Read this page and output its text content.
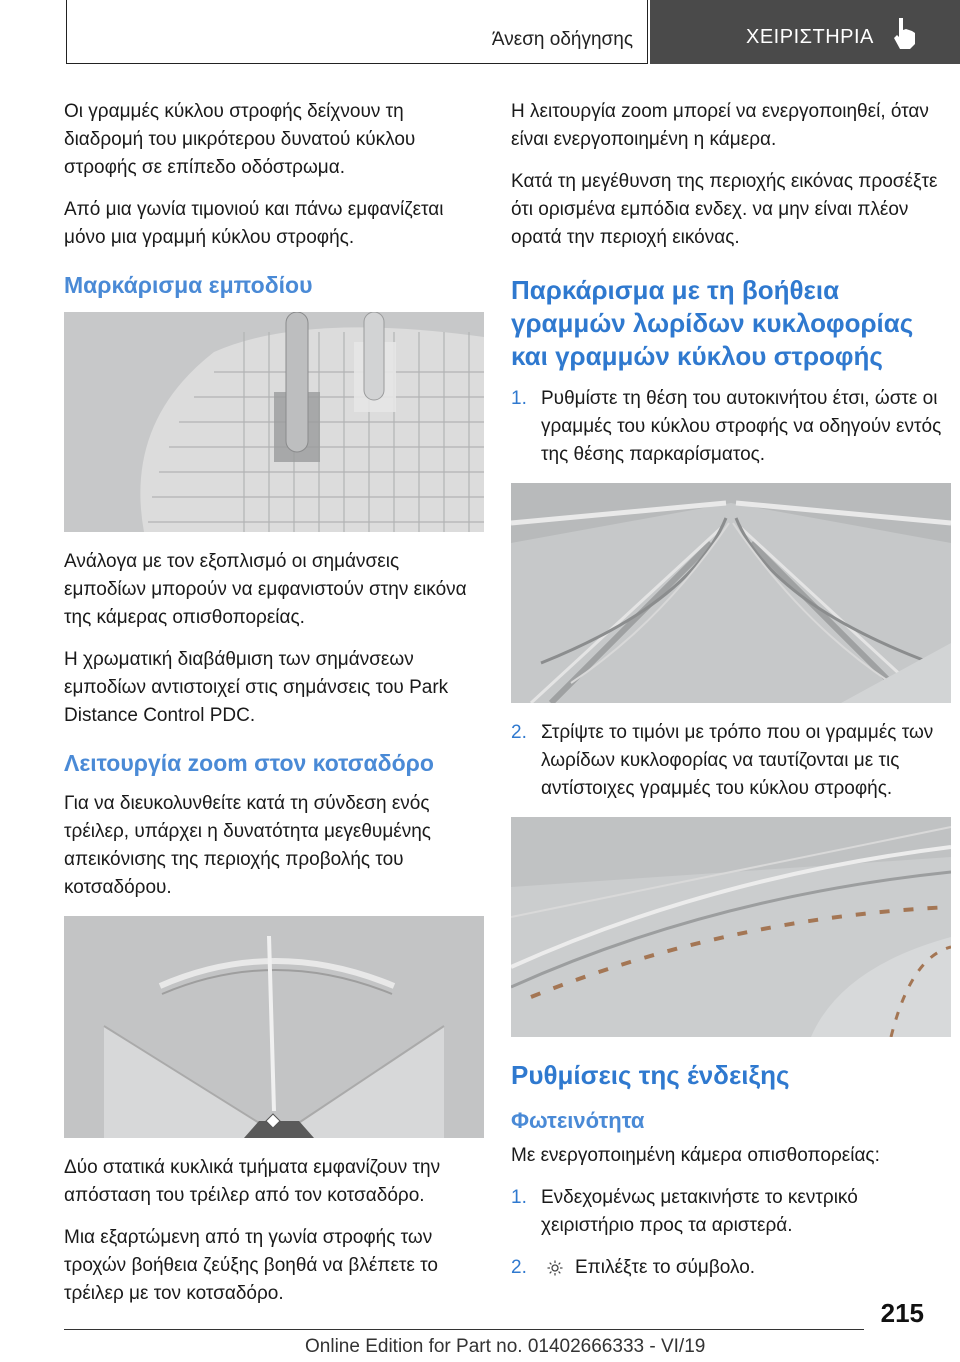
Άνεση οδήγησης	ΧΕΙΡΙΣΤΗΡΙΑ

Οι γραμμές κύκλου στροφής δείχνουν τη διαδρομή του μικρότερου δυνατού κύκλου στροφής σε επίπεδο οδόστρωμα.

Από μια γωνία τιμονιού και πάνω εμφανίζεται μόνο μια γραμμή κύκλου στροφής.

Μαρκάρισμα εμποδίου

Ανάλογα με τον εξοπλισμό οι σημάνσεις εμποδίων μπορούν να εμφανιστούν στην εικόνα της κάμερας οπισθοπορείας.

Η χρωματική διαβάθμιση των σημάνσεων εμποδίων αντιστοιχεί στις σημάνσεις του Park Distance Control PDC.

Λειτουργία zoom στον κοτσαδόρο

Για να διευκολυνθείτε κατά τη σύνδεση ενός τρέιλερ, υπάρχει η δυνατότητα μεγεθυμένης απεικόνισης της περιοχής προβολής του κοτσαδόρου.

Δύο στατικά κυκλικά τμήματα εμφανίζουν την απόσταση του τρέιλερ από τον κοτσαδόρο.

Μια εξαρτώμενη από τη γωνία στροφής των τροχών βοήθεια ζεύξης βοηθά να βλέπετε το τρέιλερ με τον κοτσαδόρο.

Η λειτουργία zoom μπορεί να ενεργοποιηθεί, όταν είναι ενεργοποιημένη η κάμερα.

Κατά τη μεγέθυνση της περιοχής εικόνας προσέξτε ότι ορισμένα εμπόδια ενδεχ. να μην είναι πλέον ορατά την περιοχή εικόνας.

Παρκάρισμα με τη βοήθεια γραμμών λωρίδων κυκλοφορίας και γραμμών κύκλου στροφής
1. Ρυθμίστε τη θέση του αυτοκινήτου έτσι, ώστε οι γραμμές του κύκλου στροφής να οδηγούν εντός της θέσης παρκαρίσματος.
2. Στρίψτε το τιμόνι με τρόπο που οι γραμμές των λωρίδων κυκλοφορίας να ταυτίζονται με τις αντίστοιχες γραμμές του κύκλου στροφής.
Ρυθμίσεις της ένδειξης
Φωτεινότητα

Με ενεργοποιημένη κάμερα οπισθοπορείας:

1. Ενδεχομένως μετακινήστε το κεντρικό χειριστήριο προς τα αριστερά.
2.	Επιλέξτε το σύμβολο.
215
Online Edition for Part no. 01402666333 - VI/19
